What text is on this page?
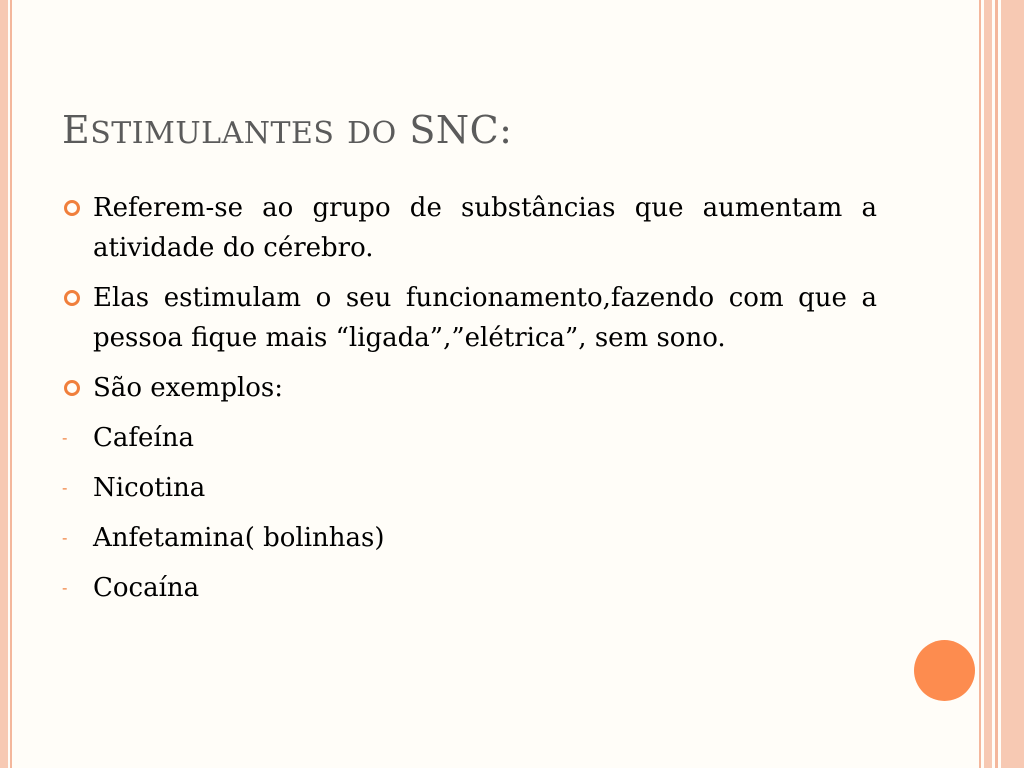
ESTIMULANTES DO SNC:
Referem-se ao grupo de substâncias que aumentam a atividade do cérebro.
Elas estimulam o seu funcionamento,fazendo com que a pessoa fique mais “ligada”,”elétrica”, sem sono.
São exemplos:
- Cafeína
- Nicotina
- Anfetamina( bolinhas)
- Cocaína
